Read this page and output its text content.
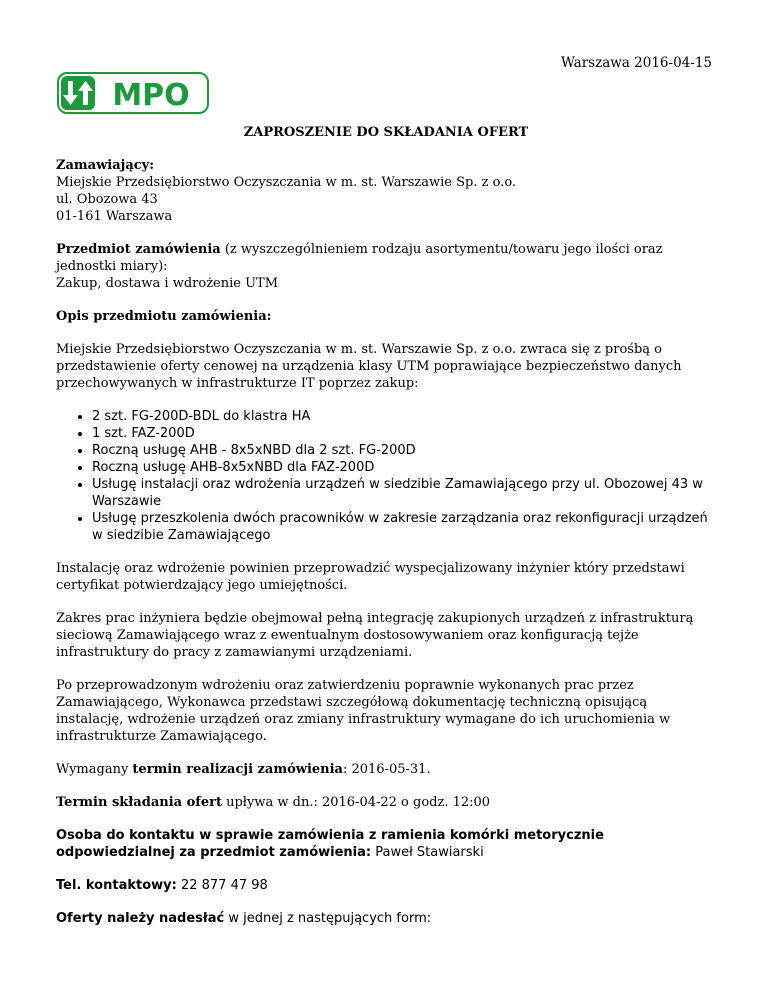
Warszawa 2016-04-15
MPO
ZAPROSZENIE DO SKŁADANIA OFERT

Zamawiający:
Miejskie Przedsiębiorstwo Oczyszczania w m. st. Warszawie Sp. z o.o.
ul. Obozowa 43
01-161 Warszawa

Przedmiot zamówienia (z wyszczególnieniem rodzaju asortymentu/towaru jego ilości oraz jednostki miary):
Zakup, dostawa i wdrożenie UTM

Opis przedmiotu zamówienia:

Miejskie Przedsiębiorstwo Oczyszczania w m. st. Warszawie Sp. z o.o. zwraca się z prośbą o przedstawienie oferty cenowej na urządzenia klasy UTM poprawiające bezpieczeństwo danych przechowywanych w infrastrukturze IT poprzez zakup:

• 2 szt. FG-200D-BDL do klastra HA
• 1 szt. FAZ-200D
• Roczną usługę AHB - 8x5xNBD dla 2 szt. FG-200D
• Roczną usługę AHB-8x5xNBD dla FAZ-200D
• Usługę instalacji oraz wdrożenia urządzeń w siedzibie Zamawiającego przy ul. Obozowej 43 w Warszawie
• Usługę przeszkolenia dwóch pracowników w zakresie zarządzania oraz rekonfiguracji urządzeń w siedzibie Zamawiającego

Instalację oraz wdrożenie powinien przeprowadzić wyspecjalizowany inżynier który przedstawi certyfikat potwierdzający jego umiejętności.

Zakres prac inżyniera będzie obejmował pełną integrację zakupionych urządzeń z infrastrukturą sieciową Zamawiającego wraz z ewentualnym dostosowywaniem oraz konfiguracją tejże infrastruktury do pracy z zamawianymi urządzeniami.

Po przeprowadzonym wdrożeniu oraz zatwierdzeniu poprawnie wykonanych prac przez Zamawiającego, Wykonawca przedstawi szczegółową dokumentację techniczną opisującą instalację, wdrożenie urządzeń oraz zmiany infrastruktury wymagane do ich uruchomienia w infrastrukturze Zamawiającego.

Wymagany termin realizacji zamówienia: 2016-05-31.

Termin składania ofert upływa w dn.: 2016-04-22 o godz. 12:00

Osoba do kontaktu w sprawie zamówienia z ramienia komórki metorycznie odpowiedzialnej za przedmiot zamówienia: Paweł Stawiarski

Tel. kontaktowy: 22 877 47 98

Oferty należy nadesłać w jednej z następujących form:
